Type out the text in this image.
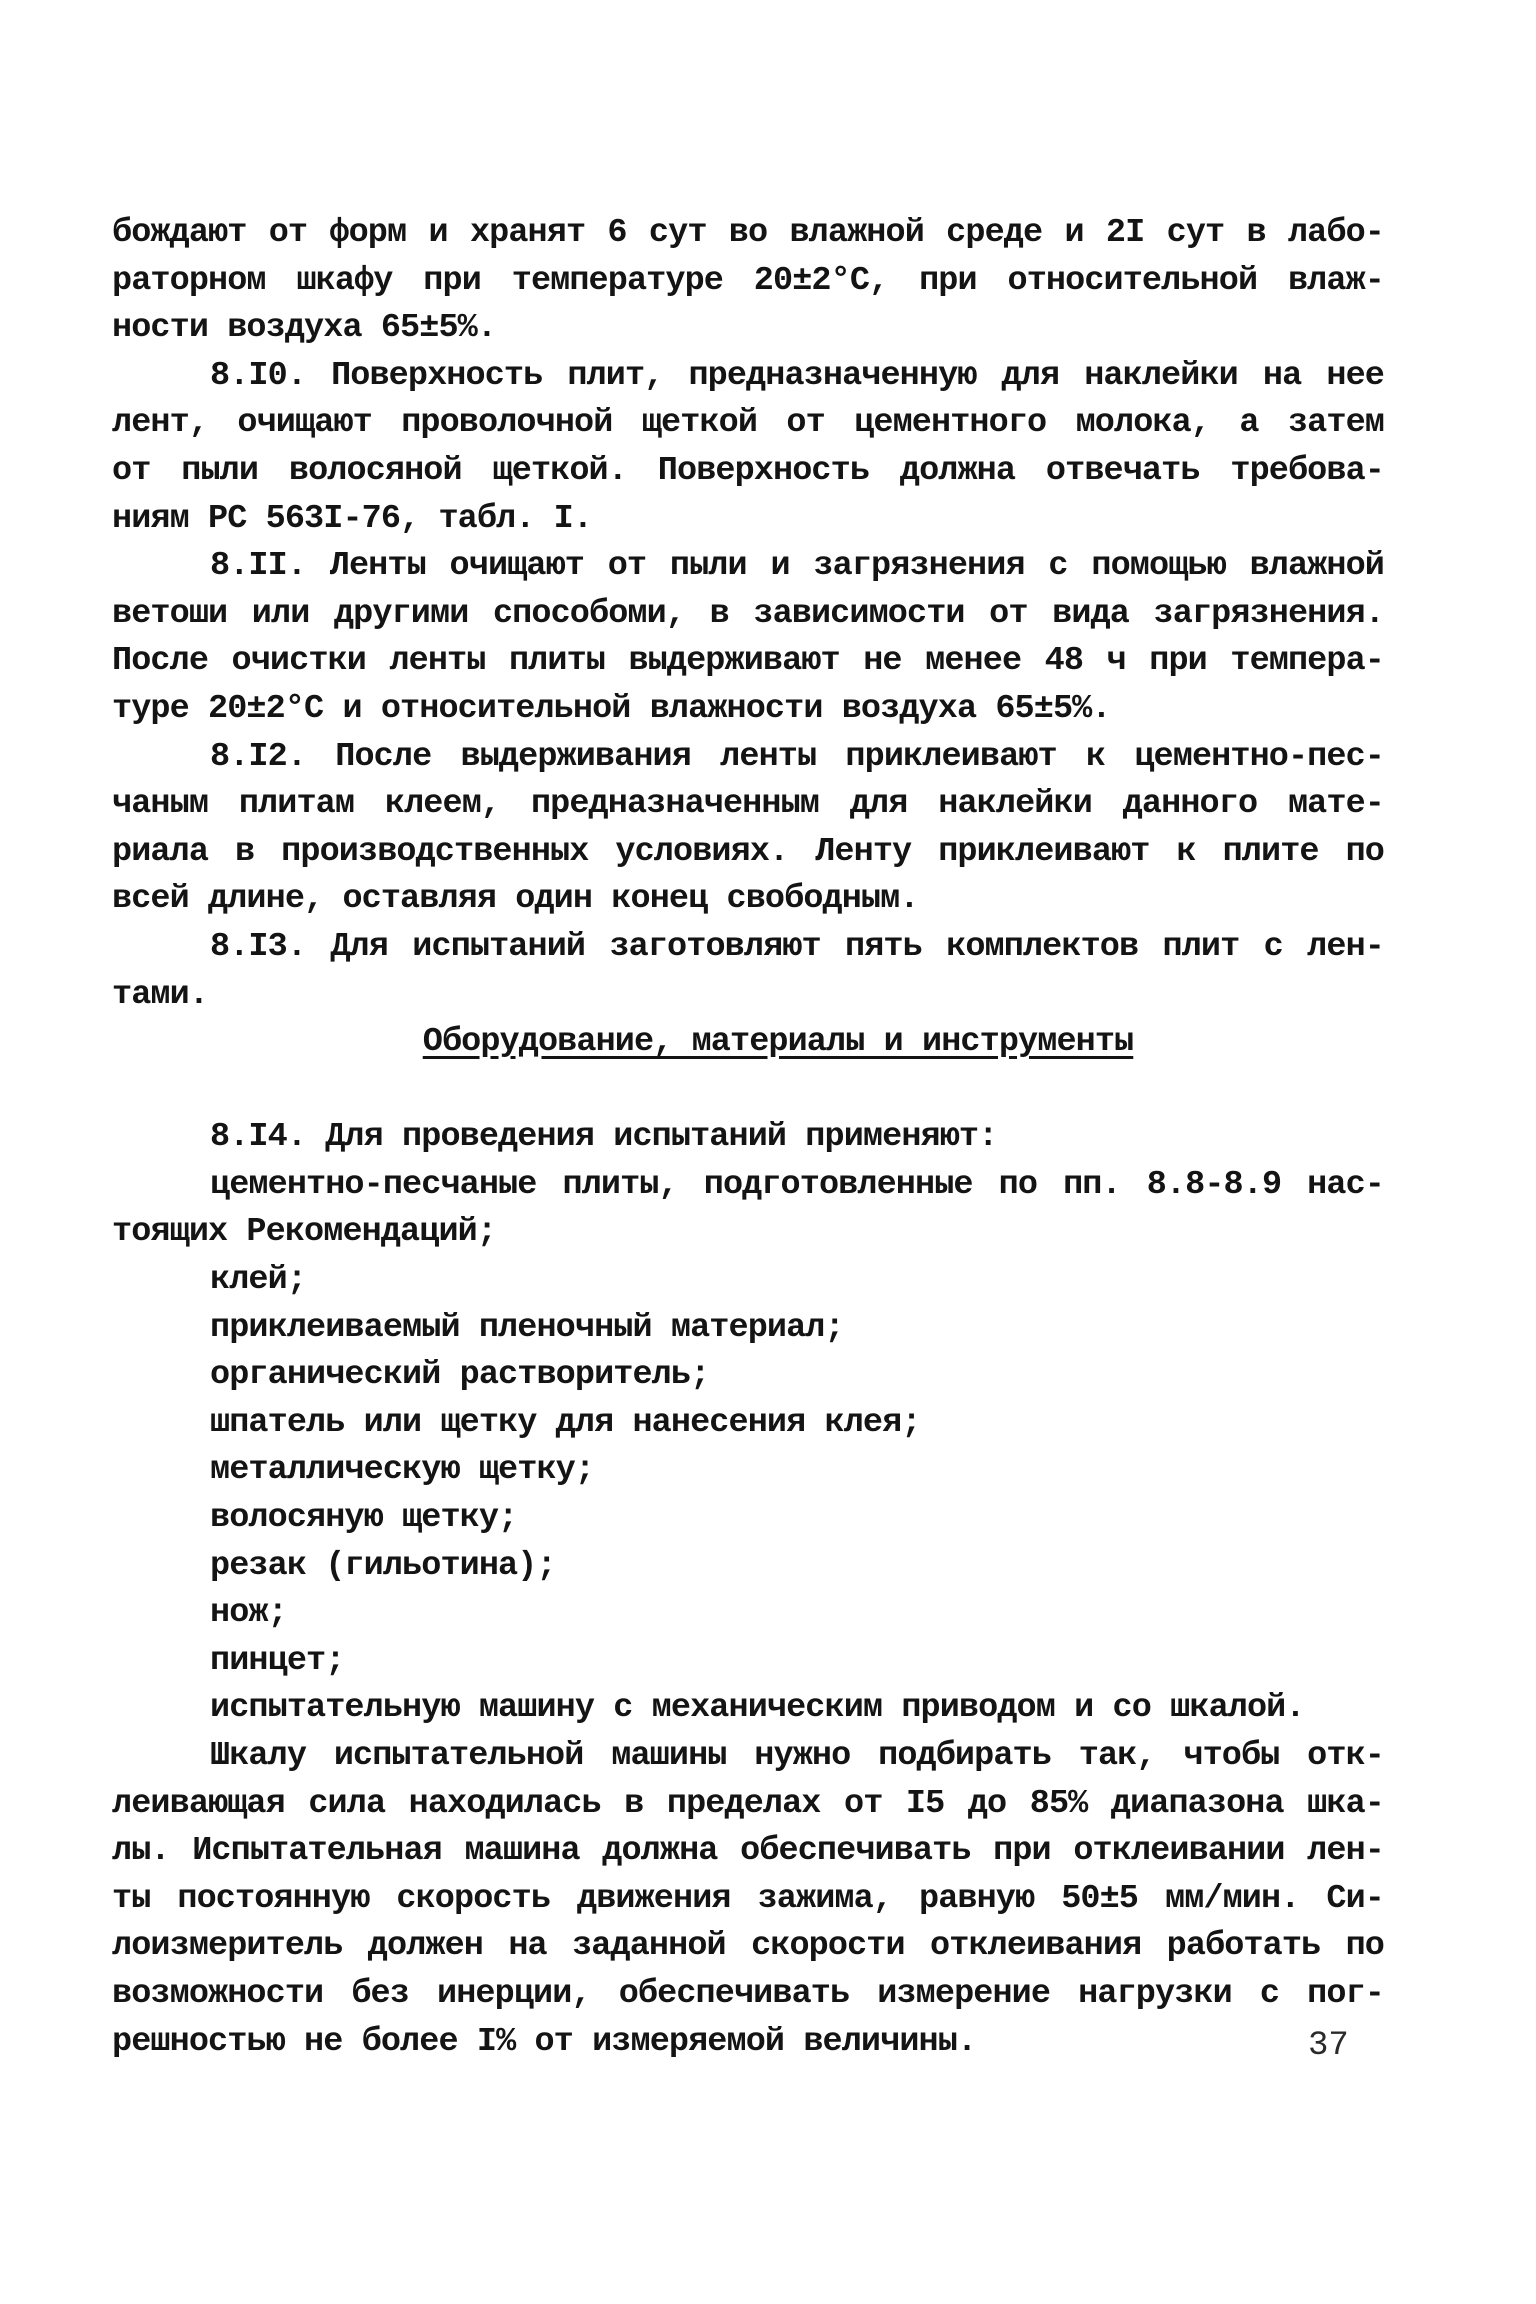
бождают от форм и хранят 6 сут во влажной среде и 2I сут в лабо-
раторном шкафу при температуре 20±2°С, при относительной влаж-
ности воздуха 65±5%.
8.I0. Поверхность плит, предназначенную для наклейки на нее
лент, очищают проволочной щеткой от цементного молока, а затем
от пыли волосяной щеткой. Поверхность должна отвечать требова-
ниям PC 563I-76, табл. I.
8.II. Ленты очищают от пыли и загрязнения с помощью влажной
ветоши или другими способоми, в зависимости от вида загрязнения.
После очистки ленты плиты выдерживают не менее 48 ч при темпера-
туре 20±2°С и относительной влажности воздуха 65±5%.
8.I2. После выдерживания ленты приклеивают к цементно-пес-
чаным плитам клеем, предназначенным для наклейки данного мате-
риала в производственных условиях. Ленту приклеивают к плите по
всей длине, оставляя один конец свободным.
8.I3. Для испытаний заготовляют пять комплектов плит с лен-
тами.
Оборудование, материалы и инструменты
8.I4. Для проведения испытаний применяют:
цементно-песчаные плиты, подготовленные по пп. 8.8-8.9 нас-
тоящих Рекомендаций;
клей;
приклеиваемый пленочный материал;
органический растворитель;
шпатель или щетку для нанесения клея;
металлическую щетку;
волосяную щетку;
резак (гильотина);
нож;
пинцет;
испытательную машину с механическим приводом и со шкалой.
Шкалу испытательной машины нужно подбирать так, чтобы отк-
леивающая сила находилась в пределах от I5 до 85% диапазона шка-
лы. Испытательная машина должна обеспечивать при отклеивании лен-
ты постоянную скорость движения зажима, равную 50±5 мм/мин. Си-
лоизмеритель должен на заданной скорости отклеивания работать по
возможности без инерции, обеспечивать измерение нагрузки с пог-
решностью не более I% от измеряемой величины.	37
